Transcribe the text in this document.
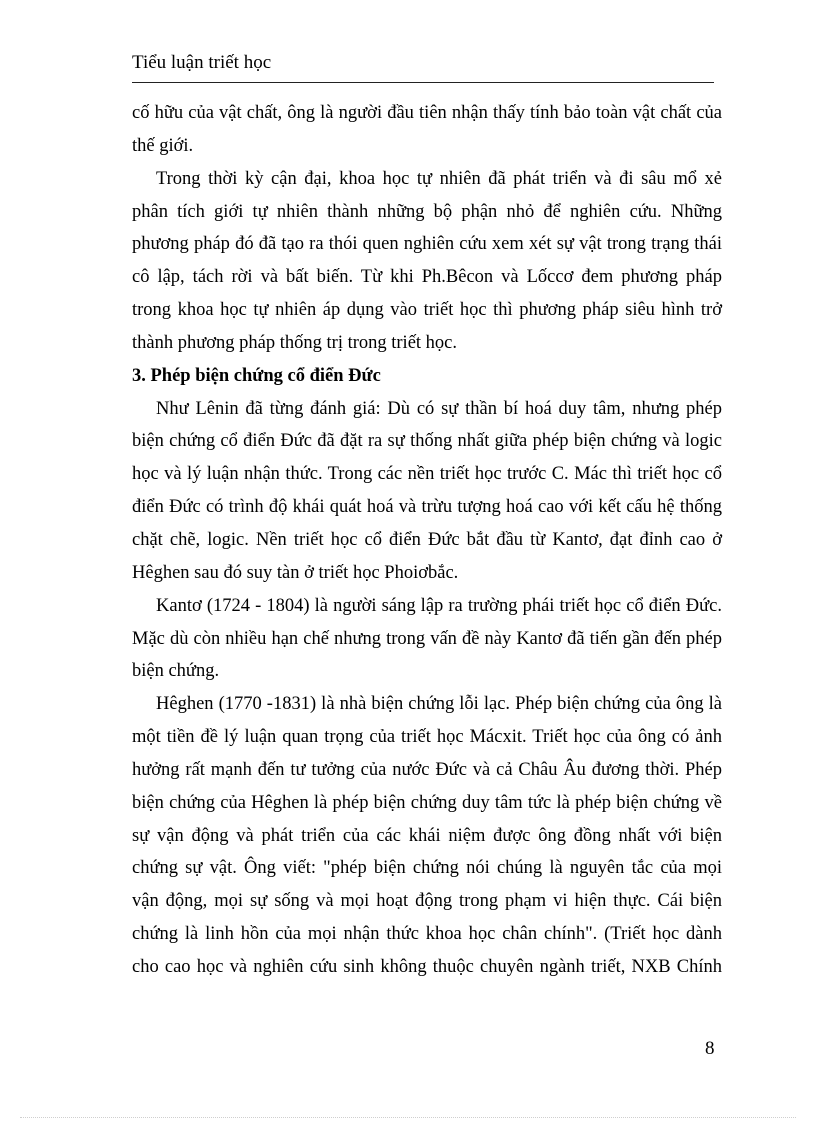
Tiểu luận triết học
cố hữu của vật chất, ông là người đầu tiên nhận thấy tính bảo toàn vật chất của
thế giới.
Trong thời kỳ cận đại, khoa học tự nhiên đã phát triển và đi sâu mổ xẻ
phân tích giới tự nhiên thành những bộ phận nhỏ để nghiên cứu. Những
phương pháp đó đã tạo ra thói quen nghiên cứu xem xét sự vật trong trạng thái
cô lập, tách rời và bất biến. Từ khi Ph.Bêcon và Lốccơ đem phương pháp
trong khoa học tự nhiên áp dụng vào triết học thì phương pháp siêu hình trở
thành phương pháp thống trị trong triết học.
3. Phép biện chứng cổ điển Đức
Như Lênin đã từng đánh giá: Dù có sự thần bí hoá duy tâm, nhưng phép
biện chứng cổ điển Đức đã đặt ra sự thống nhất giữa phép biện chứng và logic
học và lý luận nhận thức. Trong các nền triết học trước C. Mác thì triết học cổ
điển Đức có trình độ khái quát hoá và trừu tượng hoá cao với kết cấu hệ thống
chặt chẽ, logic. Nền triết học cổ điển Đức bắt đầu từ Kantơ, đạt đỉnh cao ở
Hêghen sau đó suy tàn ở triết học Phoiơbắc.
Kantơ (1724 - 1804) là người sáng lập ra trường phái triết học cổ điển Đức.
Mặc dù còn nhiều hạn chế nhưng trong vấn đề này Kantơ đã tiến gần đến phép
biện chứng.
Hêghen (1770 -1831) là nhà biện chứng lỗi lạc. Phép biện chứng của ông là
một tiền đề lý luận quan trọng của triết học Mácxit. Triết học của ông có ảnh
hưởng rất mạnh đến tư tưởng của nước Đức và cả Châu Âu đương thời. Phép
biện chứng của Hêghen là phép biện chứng duy tâm tức là phép biện chứng về
sự vận động và phát triển của các khái niệm được ông đồng nhất với biện
chứng sự vật. Ông viết: "phép biện chứng nói chúng là nguyên tắc của mọi
vận động, mọi sự sống và mọi hoạt động trong phạm vi hiện thực. Cái biện
chứng là linh hồn của mọi nhận thức khoa học chân chính". (Triết học dành
cho cao học và nghiên cứu sinh không thuộc chuyên ngành triết, NXB Chính
8
